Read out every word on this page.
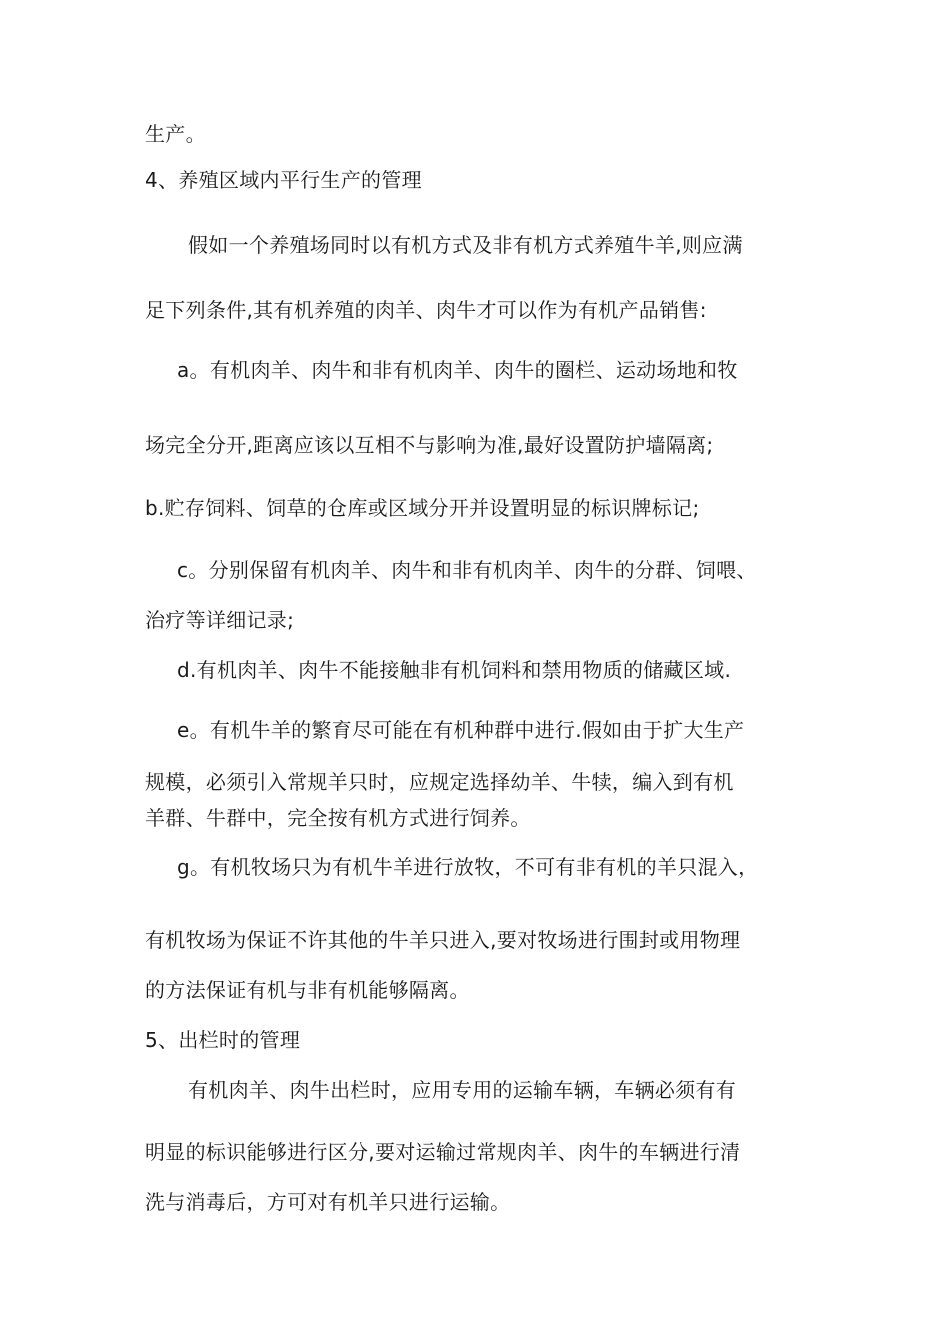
生产。
4、养殖区域内平行生产的管理
假如一个养殖场同时以有机方式及非有机方式养殖牛羊,则应满
足下列条件,其有机养殖的肉羊、肉牛才可以作为有机产品销售:
a。有机肉羊、肉牛和非有机肉羊、肉牛的圈栏、运动场地和牧
场完全分开,距离应该以互相不与影响为准,最好设置防护墙隔离;
b.贮存饲料、饲草的仓库或区域分开并设置明显的标识牌标记;
c。分别保留有机肉羊、肉牛和非有机肉羊、肉牛的分群、饲喂、
治疗等详细记录;
d.有机肉羊、肉牛不能接触非有机饲料和禁用物质的储藏区域.
e。有机牛羊的繁育尽可能在有机种群中进行.假如由于扩大生产
规模，必须引入常规羊只时，应规定选择幼羊、牛犊，编入到有机
羊群、牛群中，完全按有机方式进行饲养。
g。有机牧场只为有机牛羊进行放牧，不可有非有机的羊只混入，
有机牧场为保证不许其他的牛羊只进入,要对牧场进行围封或用物理
的方法保证有机与非有机能够隔离。
5、出栏时的管理
有机肉羊、肉牛出栏时，应用专用的运输车辆，车辆必须有有
明显的标识能够进行区分,要对运输过常规肉羊、肉牛的车辆进行清
洗与消毒后，方可对有机羊只进行运输。
